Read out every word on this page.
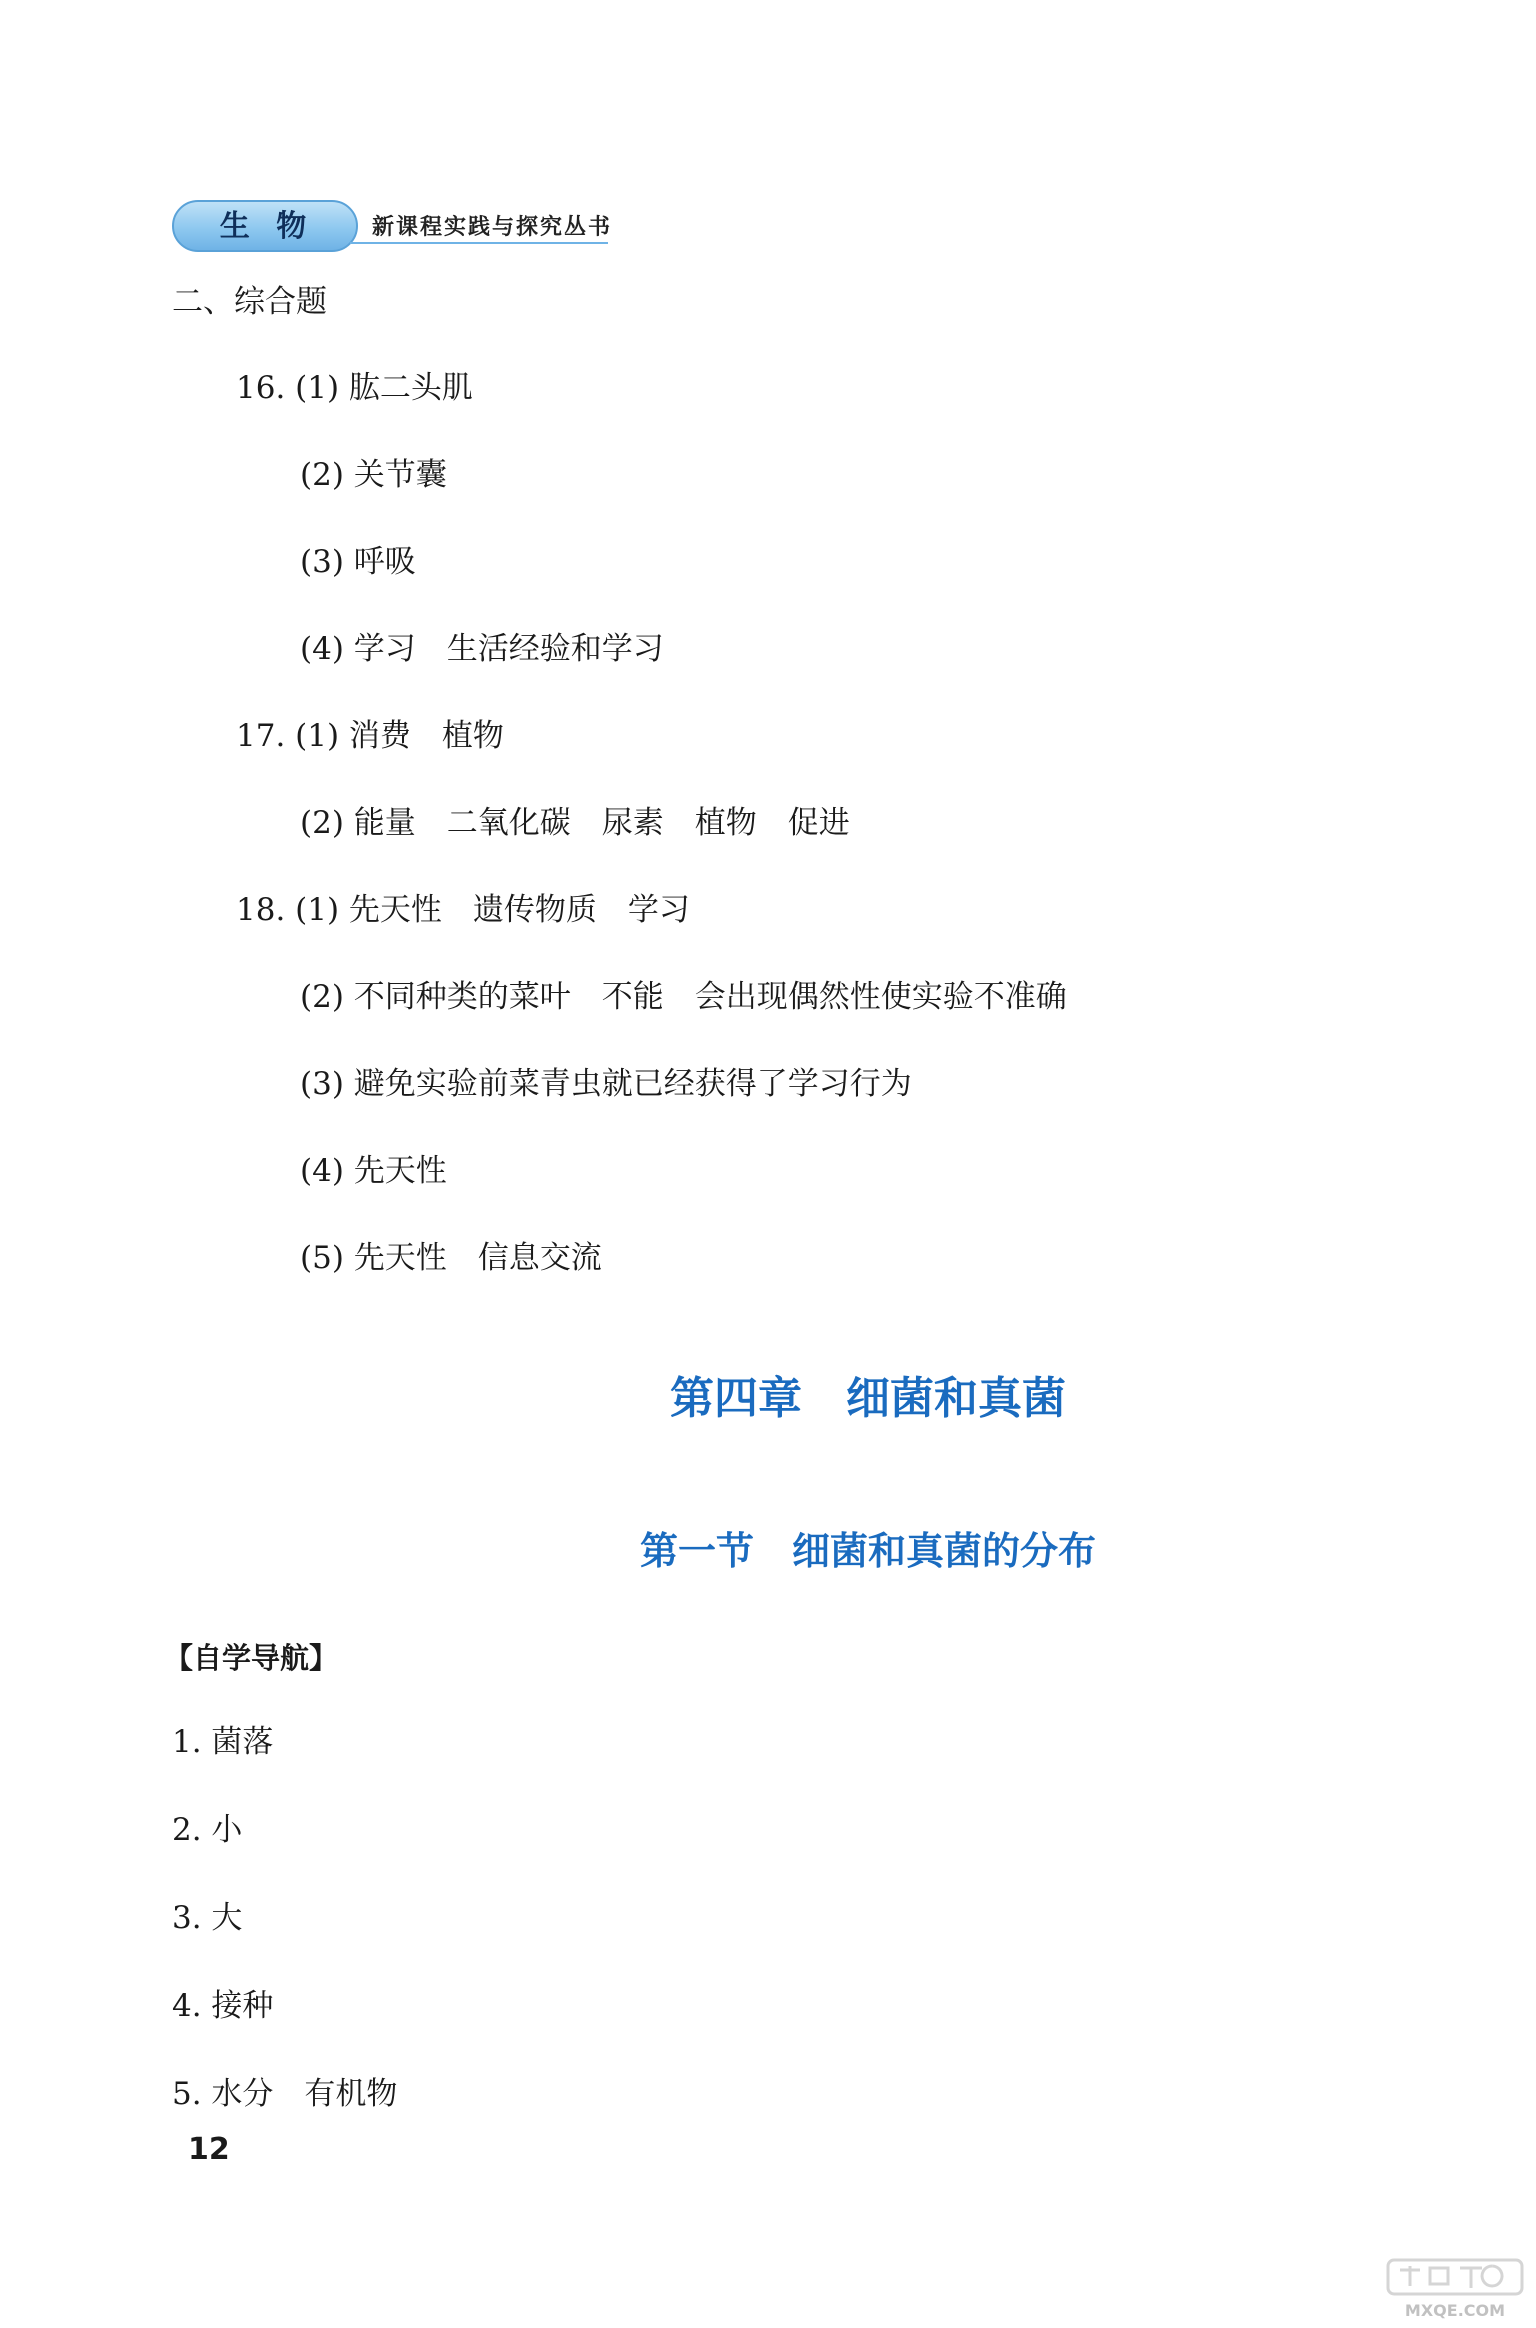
生 物	新课程实践与探究丛书
二、综合题
16. (1) 肱二头肌
(2) 关节囊
(3) 呼吸
(4) 学习　生活经验和学习
17. (1) 消费　植物
(2) 能量　二氧化碳　尿素　植物　促进
18. (1) 先天性　遗传物质　学习
(2) 不同种类的菜叶　不能　会出现偶然性使实验不准确
(3) 避免实验前菜青虫就已经获得了学习行为
(4) 先天性
(5) 先天性　信息交流
第四章　细菌和真菌
第一节　细菌和真菌的分布
【自学导航】
1. 菌落
2. 小
3. 大
4. 接种
5. 水分　有机物
12
MXQE.COM
